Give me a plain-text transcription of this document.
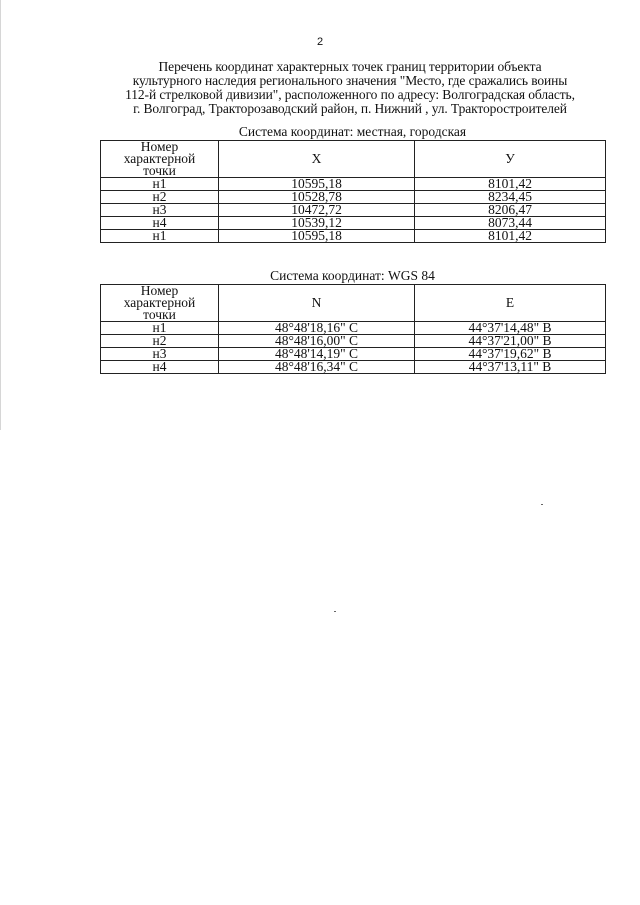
2
Перечень координат характерных точек границ территории объекта
культурного наследия регионального значения "Место, где сражались воины
112-й стрелковой дивизии", расположенного по адресу: Волгоградская область,
г. Волгоград, Тракторозаводский район, п. Нижний , ул. Тракторостроителей
Система координат: местная, городская
Номер
характерной
точки	X	У
н1	10595,18	8101,42
н2	10528,78	8234,45
н3	10472,72	8206,47
н4	10539,12	8073,44
н1	10595,18	8101,42
Система координат: WGS 84
Номер
характерной
точки	N	E
н1	48°48'18,16" С	44°37'14,48" В
н2	48°48'16,00" С	44°37'21,00" В
н3	48°48'14,19" С	44°37'19,62" В
н4	48°48'16,34" С	44°37'13,11" В
